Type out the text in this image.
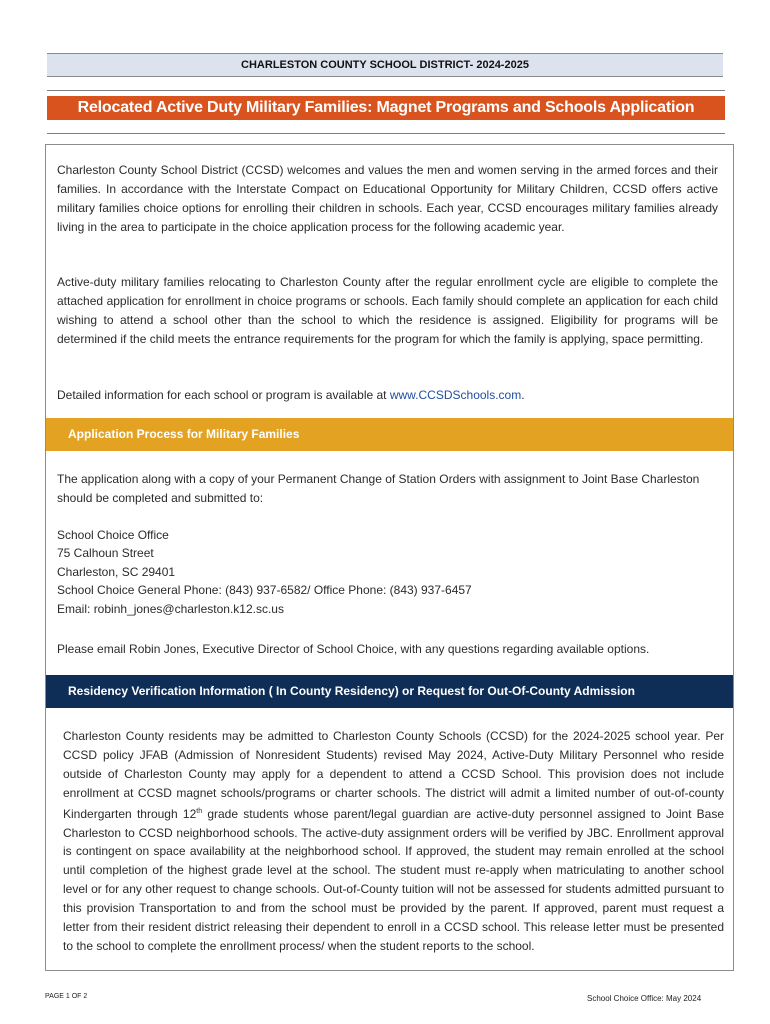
CHARLESTON COUNTY SCHOOL DISTRICT- 2024-2025
Relocated Active Duty Military Families: Magnet Programs and Schools Application

Charleston County School District (CCSD) welcomes and values the men and women serving in the armed forces and their families. In accordance with the Interstate Compact on Educational Opportunity for Military Children, CCSD offers active military families choice options for enrolling their children in schools. Each year, CCSD encourages military families already living in the area to participate in the choice application process for the following academic year.

Active-duty military families relocating to Charleston County after the regular enrollment cycle are eligible to complete the attached application for enrollment in choice programs or schools. Each family should complete an application for each child wishing to attend a school other than the school to which the residence is assigned. Eligibility for programs will be determined if the child meets the entrance requirements for the program for which the family is applying, space permitting.

Detailed information for each school or program is available at www.CCSDSchools.com.

Application Process for Military Families

The application along with a copy of your Permanent Change of Station Orders with assignment to Joint Base Charleston should be completed and submitted to:

School Choice Office
75 Calhoun Street
Charleston, SC 29401
School Choice General Phone: (843) 937-6582/ Office Phone: (843) 937-6457
Email: robinh_jones@charleston.k12.sc.us

Please email Robin Jones, Executive Director of School Choice, with any questions regarding available options.

Residency Verification Information ( In County Residency) or Request for Out-Of-County Admission

Charleston County residents may be admitted to Charleston County Schools (CCSD) for the 2024-2025 school year. Per CCSD policy JFAB (Admission of Nonresident Students) revised May 2024, Active-Duty Military Personnel who reside outside of Charleston County may apply for a dependent to attend a CCSD School. This provision does not include enrollment at CCSD magnet schools/programs or charter schools. The district will admit a limited number of out-of-county Kindergarten through 12th grade students whose parent/legal guardian are active-duty personnel assigned to Joint Base Charleston to CCSD neighborhood schools. The active-duty assignment orders will be verified by JBC. Enrollment approval is contingent on space availability at the neighborhood school. If approved, the student may remain enrolled at the school until completion of the highest grade level at the school. The student must re-apply when matriculating to another school level or for any other request to change schools. Out-of-County tuition will not be assessed for students admitted pursuant to this provision Transportation to and from the school must be provided by the parent. If approved, parent must request a letter from their resident district releasing their dependent to enroll in a CCSD school. This release letter must be presented to the school to complete the enrollment process/ when the student reports to the school.

PAGE 1 OF 2	School Choice Office: May 2024
